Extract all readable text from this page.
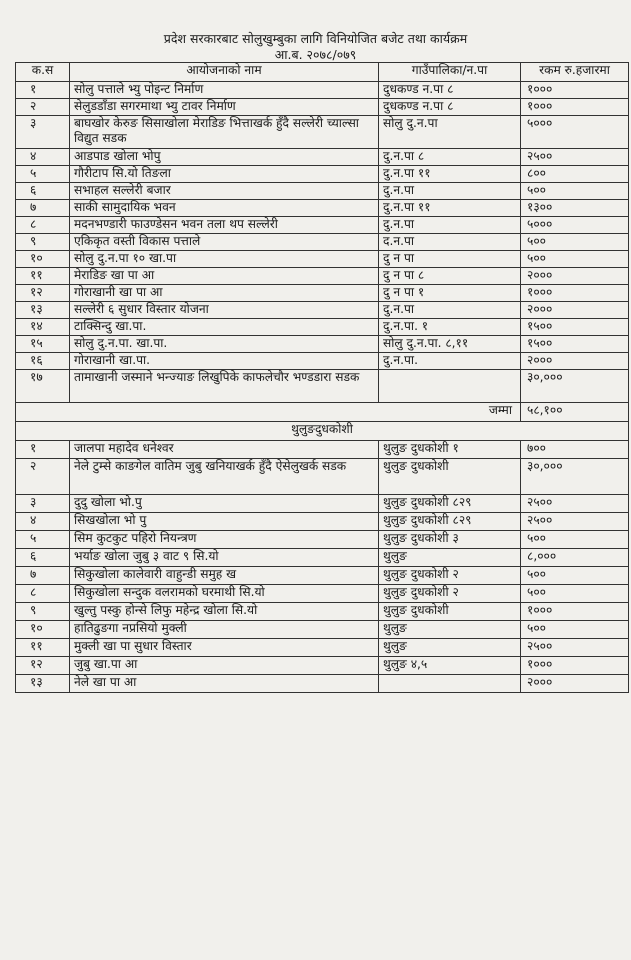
प्रदेश सरकारबाट सोलुखुम्बुका लागि विनियोजित बजेट तथा कार्यक्रम
आ.ब. २०७८/०७९
क.स	आयोजनाको नाम	गाउँपालिका/न.पा	रकम रु.हजारमा
१	सोलु पत्ताले भ्यु पोइन्ट निर्माण	दुधकण्ड न.पा ८	१०००
२	सेलुडडाँडा सगरमाथा भ्यु टावर निर्माण	दुधकण्ड न.पा ८	१०००
३	बाघखोर केरुङ सिसाखोला मेराडिङ भित्ताखर्क हुँदै सल्लेरी च्याल्सा विद्युत सडक	सोलु दु.न.पा	५०००
४	आडपाड खोला भोपु	दु.न.पा ८	२५००
५	गौरीटाप सि.यो तिङला	दु.न.पा ११	८००
६	सभाहल सल्लेरी बजार	दु.न.पा	५००
७	साकी सामुदायिक भवन	दु.न.पा ११	१३००
८	मदनभण्डारी फाउण्डेसन भवन तला थप सल्लेरी	दु.न.पा	५०००
९	एकिकृत वस्ती विकास पत्ताले	द.न.पा	५००
१०	सोलु दु.न.पा १० खा.पा	दु न पा	५००
११	मेराडिङ खा पा आ	दु न पा ८	२०००
१२	गोराखानी खा पा आ	दु न पा १	१०००
१३	सल्लेरी ६ सुधार विस्तार योजना	दु.न.पा	२०००
१४	टाक्सिन्दु खा.पा.	दु.न.पा. १	१५००
१५	सोलु दु.न.पा. खा.पा.	सोलु दु.न.पा. ८,११	१५००
१६	गोराखानी खा.पा.	दु.न.पा.	२०००
१७	तामाखानी जस्माने भन्ज्याङ लिखुपिके काफलेचौर भण्डडारा सडक		३०,०००
जम्मा			५८,१००
थुलुङदुधकोशी			
१	जालपा महादेव धनेश्वर	थुलुङ दुधकोशी १	७००
२	नेले टुम्से काङगेल वातिम जुबु खनियाखर्क हुँदै ऐसेलुखर्क सडक	थुलुङ दुधकोशी	३०,०००
३	दुदु खोला भो.पु	थुलुङ दुधकोशी ८२९	२५००
४	सिखखोला भो पु	थुलुङ दुधकोशी ८२९	२५००
५	सिम कुटकुट पहिरो नियन्त्रण	थुलुङ दुधकोशी ३	५००
६	भर्याङ खोला जुबु ३ वाट ९ सि.यो	थुलुङ	८,०००
७	सिकुखोला कालेवारी वाहुन्डी समुह ख	थुलुङ दुधकोशी २	५००
८	सिकुखोला सन्दुक वलरामको घरमाथी सि.यो	थुलुङ दुधकोशी २	५००
९	खुल्तु पस्कु होन्से लिफु महेन्द्र खोला सि.यो	थुलुङ दुधकोशी	१०००
१०	हातिढुङगा नप्रसियो मुक्ली	थुलुङ	५००
११	मुक्ली खा पा सुधार विस्तार	थुलुङ	२५००
१२	जुबु खा.पा आ	थुलुङ ४,५	१०००
१३	नेले खा पा आ		२०००
